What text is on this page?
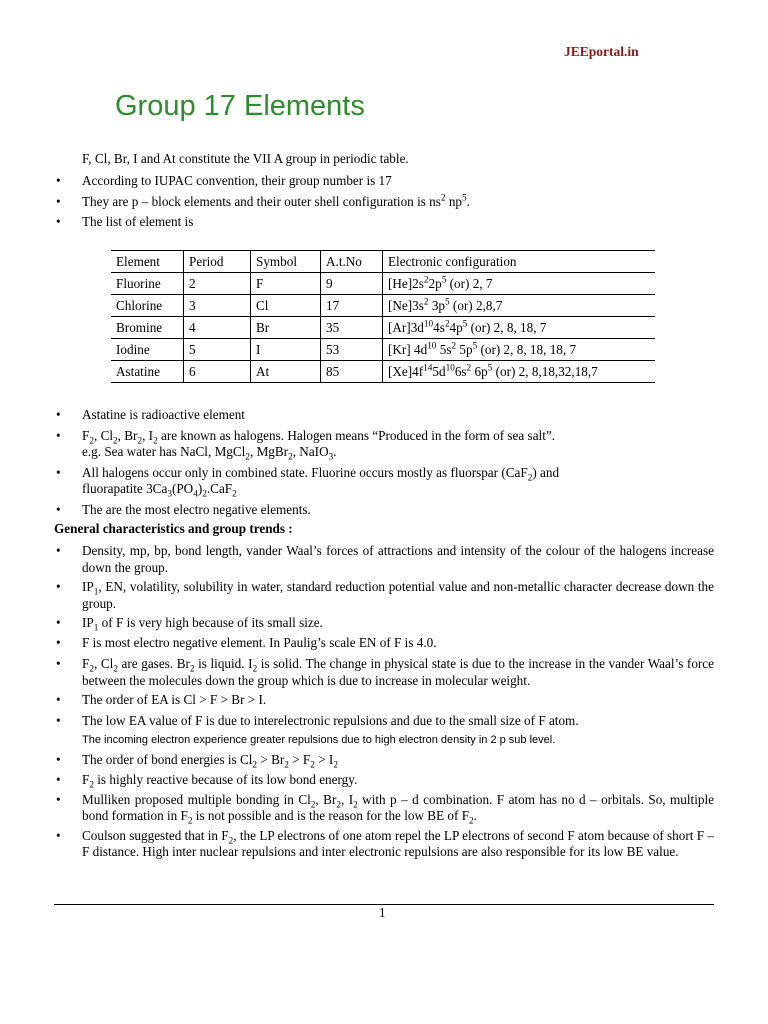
JEEportal.in
Group 17 Elements
F, Cl, Br, I and At constitute the VII A group in periodic table.
• According to IUPAC convention, their group number is 17
• They are p – block elements and their outer shell configuration is $ns^2$ $np^5$.
• The list of element is
Element	Period	Symbol	A.t.No	Electronic configuration
Fluorine	2	F	9	$[He]2s^22p^5$ (or) 2, 7
Chlorine	3	Cl	17	$[Ne]3s^2$ $3p^5$ (or) 2,8,7
Bromine	4	Br	35	$[Ar]3d^{10}4s^24p^5$ (or) 2, 8, 18, 7
Iodine	5	I	53	[Kr] $4d^{10}$ $5s^2$ $5p^5$ (or) 2, 8, 18, 18, 7
Astatine	6	At	85	$[Xe]4f^{14}5d^{10}6s^2$ $6p^5$ (or) 2, 8,18,32,18,7
• Astatine is radioactive element
• $F_2$, $Cl_2$, $Br_2$, $I_2$ are known as halogens. Halogen means “Produced in the form of sea salt”.
e.g. Sea water has NaCl, MgCl$_2$, MgBr$_2$, NaIO$_3$.
• All halogens occur only in combined state. Fluorine occurs mostly as fluorspar (CaF$_2$) and
fluorapatite $3Ca_3(PO_4)_2.CaF_2$
• The are the most electro negative elements.
General characteristics and group trends :
• Density, mp, bp, bond length, vander Waal’s forces of attractions and intensity of the colour of the halogens increase down the group.
• $IP_1$, EN, volatility, solubility in water, standard reduction potential value and non-metallic character decrease down the group.
• $IP_1$ of F is very high because of its small size.
• F is most electro negative element. In Paulig’s scale EN of F is 4.0.
• $F_2$, $Cl_2$ are gases. $Br_2$ is liquid. $I_2$ is solid. The change in physical state is due to the increase in the vander Waal’s force between the molecules down the group which is due to increase in molecular weight.
• The order of EA is Cl > F > Br > I.
• The low EA value of F is due to interelectronic repulsions and due to the small size of F atom.
The incoming electron experience greater repulsions due to high electron density in 2 p sub level.
• The order of bond energies is $Cl_2 > Br_2 > F_2 > I_2$
• $F_2$ is highly reactive because of its low bond energy.
• Mulliken proposed multiple bonding in $Cl_2$, $Br_2$, $I_2$ with p – d combination. F atom has no d – orbitals. So, multiple bond formation in $F_2$ is not possible and is the reason for the low BE of $F_2$.
• Coulson suggested that in $F_2$, the LP electrons of one atom repel the LP electrons of second F atom because of short F – F distance. High inter nuclear repulsions and inter electronic repulsions are also responsible for its low BE value.
1
